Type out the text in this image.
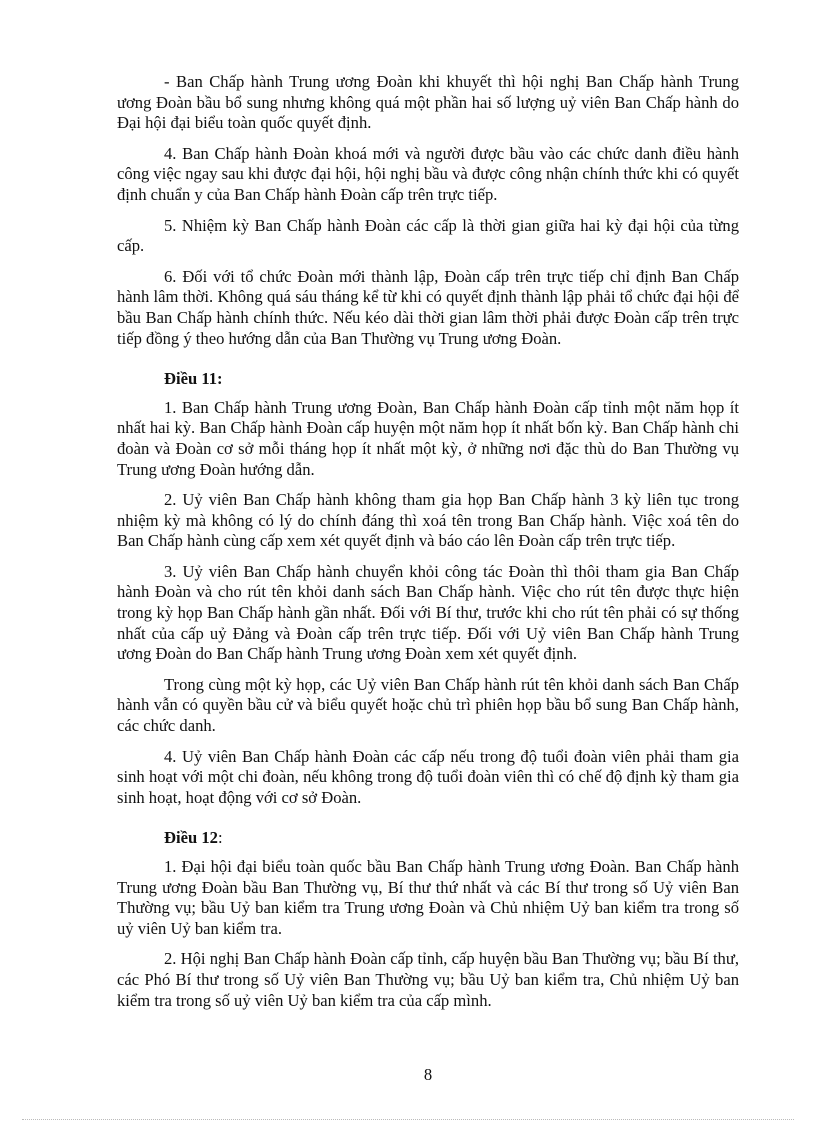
- Ban Chấp hành Trung ương Đoàn khi khuyết thì hội nghị Ban Chấp hành Trung ương Đoàn bầu bổ sung nhưng không quá một phần hai số lượng uỷ viên Ban Chấp hành do Đại hội đại biểu toàn quốc quyết định.

4. Ban Chấp hành Đoàn khoá mới và người được bầu vào các chức danh điều hành công việc ngay sau khi được đại hội, hội nghị bầu và được công nhận chính thức khi có quyết định chuẩn y của Ban Chấp hành Đoàn cấp trên trực tiếp.

5. Nhiệm kỳ Ban Chấp hành Đoàn các cấp là thời gian giữa hai kỳ đại hội của từng cấp.

6. Đối với tổ chức Đoàn mới thành lập, Đoàn cấp trên trực tiếp chỉ định Ban Chấp hành lâm thời. Không quá sáu tháng kể từ khi có quyết định thành lập phải tổ chức đại hội để bầu Ban Chấp hành chính thức. Nếu kéo dài thời gian lâm thời phải được Đoàn cấp trên trực tiếp đồng ý theo hướng dẫn của Ban Thường vụ Trung ương Đoàn.

Điều 11:

1. Ban Chấp hành Trung ương Đoàn, Ban Chấp hành Đoàn cấp tỉnh một năm họp ít nhất hai kỳ. Ban Chấp hành Đoàn cấp huyện một năm họp ít nhất bốn kỳ. Ban Chấp hành chi đoàn và Đoàn cơ sở mỗi tháng họp ít nhất một kỳ, ở những nơi đặc thù do Ban Thường vụ Trung ương Đoàn hướng dẫn.

2. Uỷ viên Ban Chấp hành không tham gia họp Ban Chấp hành 3 kỳ liên tục trong nhiệm kỳ mà không có lý do chính đáng thì xoá tên trong Ban Chấp hành. Việc xoá tên do Ban Chấp hành cùng cấp xem xét quyết định và báo cáo lên Đoàn cấp trên trực tiếp.

3. Uỷ viên Ban Chấp hành chuyển khỏi công tác Đoàn thì thôi tham gia Ban Chấp hành Đoàn và cho rút tên khỏi danh sách Ban Chấp hành. Việc cho rút tên được thực hiện trong kỳ họp Ban Chấp hành gần nhất. Đối với Bí thư, trước khi cho rút tên phải có sự thống nhất của cấp uỷ Đảng và Đoàn cấp trên trực tiếp. Đối với Uỷ viên Ban Chấp hành Trung ương Đoàn do Ban Chấp hành Trung ương Đoàn xem xét quyết định.

Trong cùng một kỳ họp, các Uỷ viên Ban Chấp hành rút tên khỏi danh sách Ban Chấp hành vẫn có quyền bầu cử và biểu quyết hoặc chủ trì phiên họp bầu bổ sung Ban Chấp hành, các chức danh.

4. Uỷ viên Ban Chấp hành Đoàn các cấp nếu trong độ tuổi đoàn viên phải tham gia sinh hoạt với một chi đoàn, nếu không trong độ tuổi đoàn viên thì có chế độ định kỳ tham gia sinh hoạt, hoạt động với cơ sở Đoàn.

Điều 12:

1. Đại hội đại biểu toàn quốc bầu Ban Chấp hành Trung ương Đoàn. Ban Chấp hành Trung ương Đoàn bầu Ban Thường vụ, Bí thư thứ nhất và các Bí thư trong số Uỷ viên Ban Thường vụ; bầu Uỷ ban kiểm tra Trung ương Đoàn và Chủ nhiệm Uỷ ban kiểm tra trong số uỷ viên Uỷ ban kiểm tra.

2. Hội nghị Ban Chấp hành Đoàn cấp tỉnh, cấp huyện bầu Ban Thường vụ; bầu Bí thư, các Phó Bí thư trong số Uỷ viên Ban Thường vụ; bầu Uỷ ban kiểm tra, Chủ nhiệm Uỷ ban kiểm tra trong số uỷ viên Uỷ ban kiểm tra của cấp mình.

8
